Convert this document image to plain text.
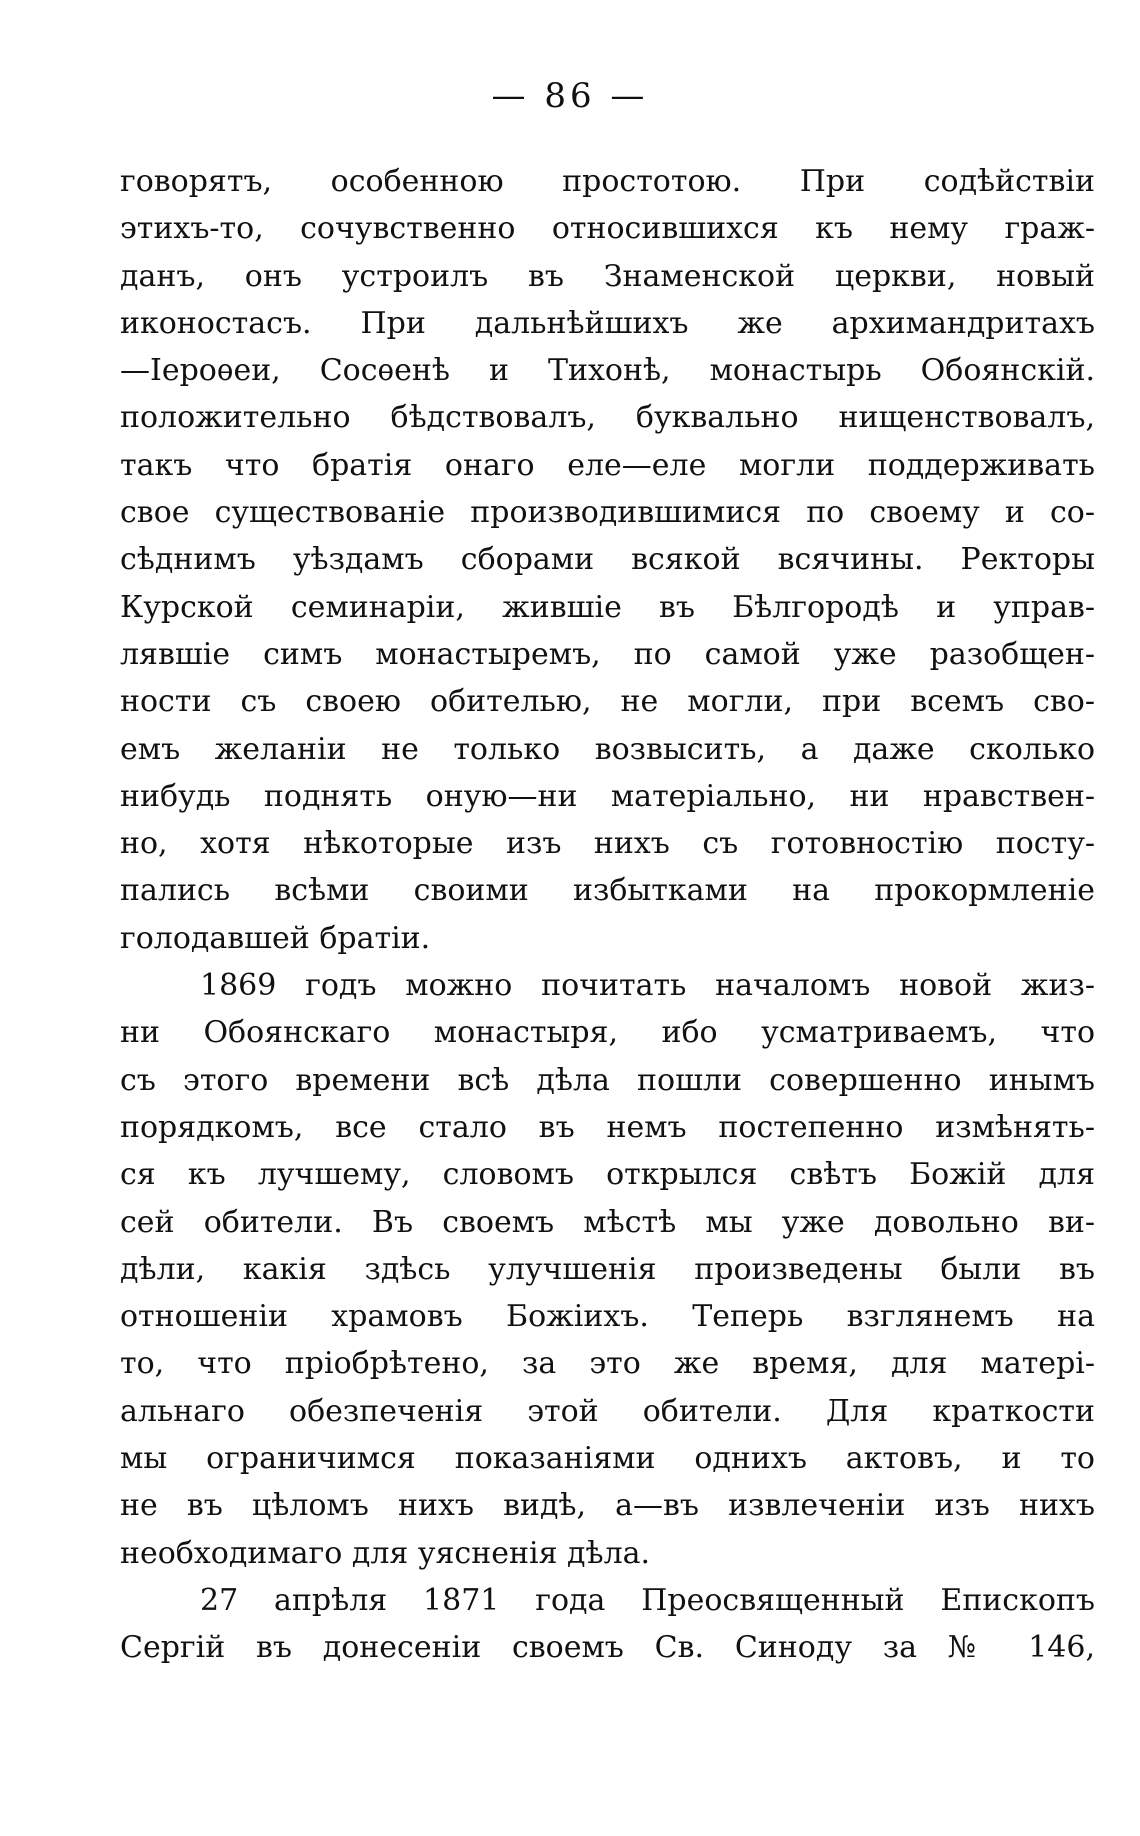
— 86 —
говорятъ, особенною простотою. При содѣйствіи
этихъ-то, сочувственно относившихся къ нему граж-
данъ, онъ устроилъ въ Знаменской церкви, новый
иконостасъ. При дальнѣйшихъ же архимандритахъ
—Іероѳеи, Сосѳенѣ и Тихонѣ, монастырь Обоянскій.
положительно бѣдствовалъ, буквально нищенствовалъ,
такъ что братія онаго еле—еле могли поддерживать
свое существованіе производившимися по своему и со-
сѣднимъ уѣздамъ сборами всякой всячины. Ректоры
Курской семинаріи, жившіе въ Бѣлгородѣ и управ-
лявшіе симъ монастыремъ, по самой уже разобщен-
ности съ своею обителью, не могли, при всемъ сво-
емъ желаніи не только возвысить, а даже сколько
нибудь поднять оную—ни матеріально, ни нравствен-
но, хотя нѣкоторые изъ нихъ съ готовностію посту-
пались всѣми своими избытками на прокормленіе
голодавшей братіи.
1869 годъ можно почитать началомъ новой жиз-
ни Обоянскаго монастыря, ибо усматриваемъ, что
съ этого времени всѣ дѣла пошли совершенно инымъ
порядкомъ, все стало въ немъ постепенно измѣнять-
ся къ лучшему, словомъ открылся свѣтъ Божій для
сей обители. Въ своемъ мѣстѣ мы уже довольно ви-
дѣли, какія здѣсь улучшенія произведены были въ
отношеніи храмовъ Божіихъ. Теперь взглянемъ на
то, что пріобрѣтено, за это же время, для матері-
альнаго обезпеченія этой обители. Для краткости
мы ограничимся показаніями однихъ актовъ, и то
не въ цѣломъ нихъ видѣ, а—въ извлеченіи изъ нихъ
необходимаго для уясненія дѣла.
27 апрѣля 1871 года Преосвященный Епископъ
Сергій въ донесеніи своемъ Св. Синоду за № 146,
